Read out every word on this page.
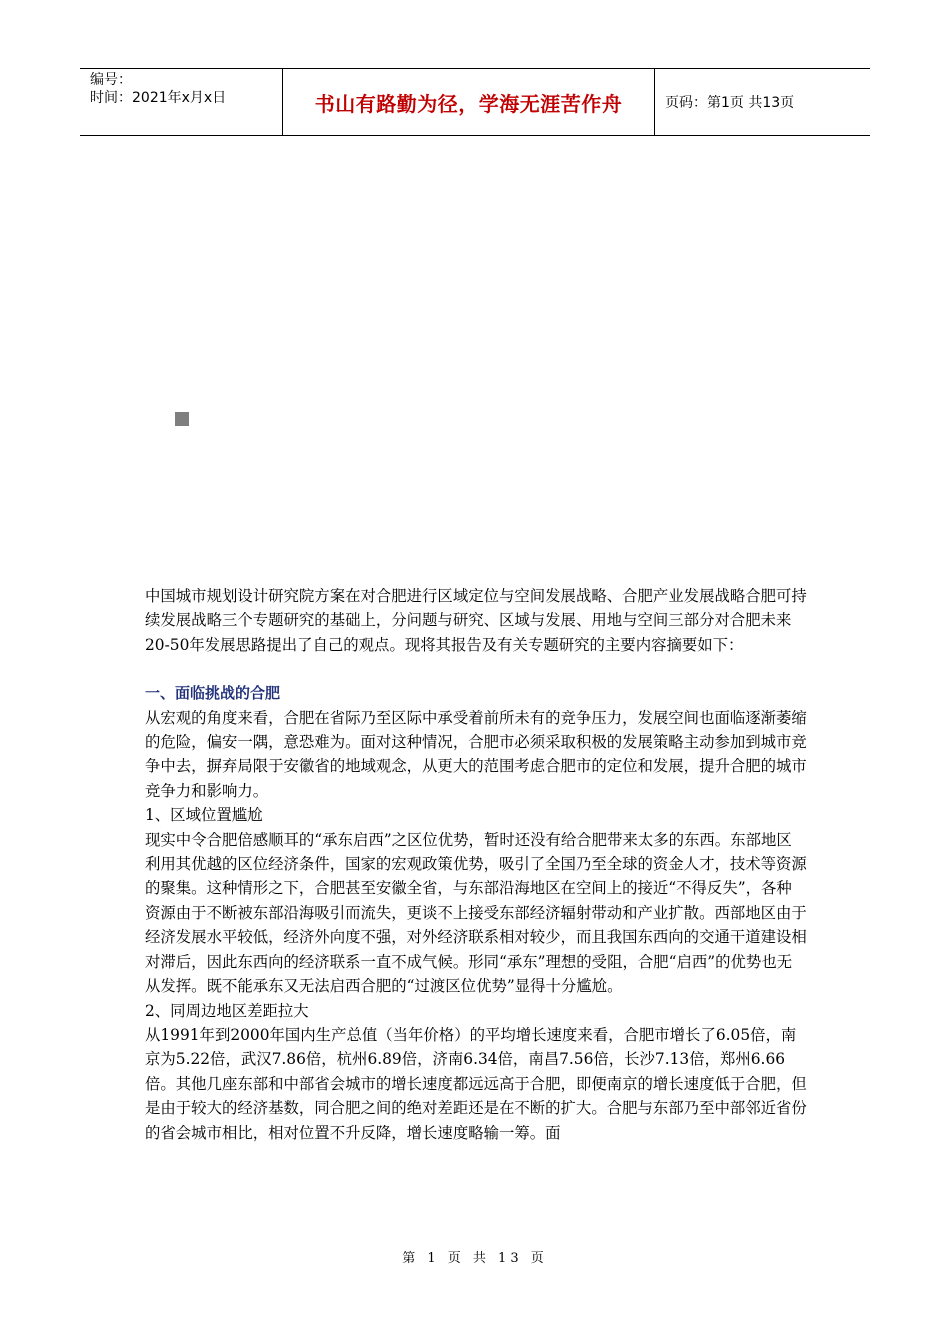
编号：
时间：2021年x月x日	书山有路勤为径，学海无涯苦作舟	页码：第1页 共13页

中国城市规划设计研究院方案在对合肥进行区域定位与空间发展战略、合肥产业发展战略合肥可持续发展战略三个专题研究的基础上，分问题与研究、区域与发展、用地与空间三部分对合肥未来20-50年发展思路提出了自己的观点。现将其报告及有关专题研究的主要内容摘要如下：

一、面临挑战的合肥

从宏观的角度来看，合肥在省际乃至区际中承受着前所未有的竞争压力，发展空间也面临逐渐萎缩的危险，偏安一隅，意恐难为。面对这种情况，合肥市必须采取积极的发展策略主动参加到城市竞争中去，摒弃局限于安徽省的地域观念，从更大的范围考虑合肥市的定位和发展，提升合肥的城市竞争力和影响力。

1、区域位置尴尬

现实中令合肥倍感顺耳的“承东启西”之区位优势，暂时还没有给合肥带来太多的东西。东部地区利用其优越的区位经济条件，国家的宏观政策优势，吸引了全国乃至全球的资金人才，技术等资源的聚集。这种情形之下，合肥甚至安徽全省，与东部沿海地区在空间上的接近“不得反失”，各种资源由于不断被东部沿海吸引而流失，更谈不上接受东部经济辐射带动和产业扩散。西部地区由于经济发展水平较低，经济外向度不强，对外经济联系相对较少，而且我国东西向的交通干道建设相对滞后，因此东西向的经济联系一直不成气候。形同“承东”理想的受阻，合肥“启西”的优势也无从发挥。既不能承东又无法启西合肥的“过渡区位优势”显得十分尴尬。

2、同周边地区差距拉大

从1991年到2000年国内生产总值（当年价格）的平均增长速度来看，合肥市增长了6.05倍，南京为5.22倍，武汉7.86倍，杭州6.89倍，济南6.34倍，南昌7.56倍，长沙7.13倍，郑州6.66倍。其他几座东部和中部省会城市的增长速度都远远高于合肥，即便南京的增长速度低于合肥，但是由于较大的经济基数，同合肥之间的绝对差距还是在不断的扩大。合肥与东部乃至中部邻近省份的省会城市相比，相对位置不升反降，增长速度略输一筹。面

第 1 页 共 13 页
